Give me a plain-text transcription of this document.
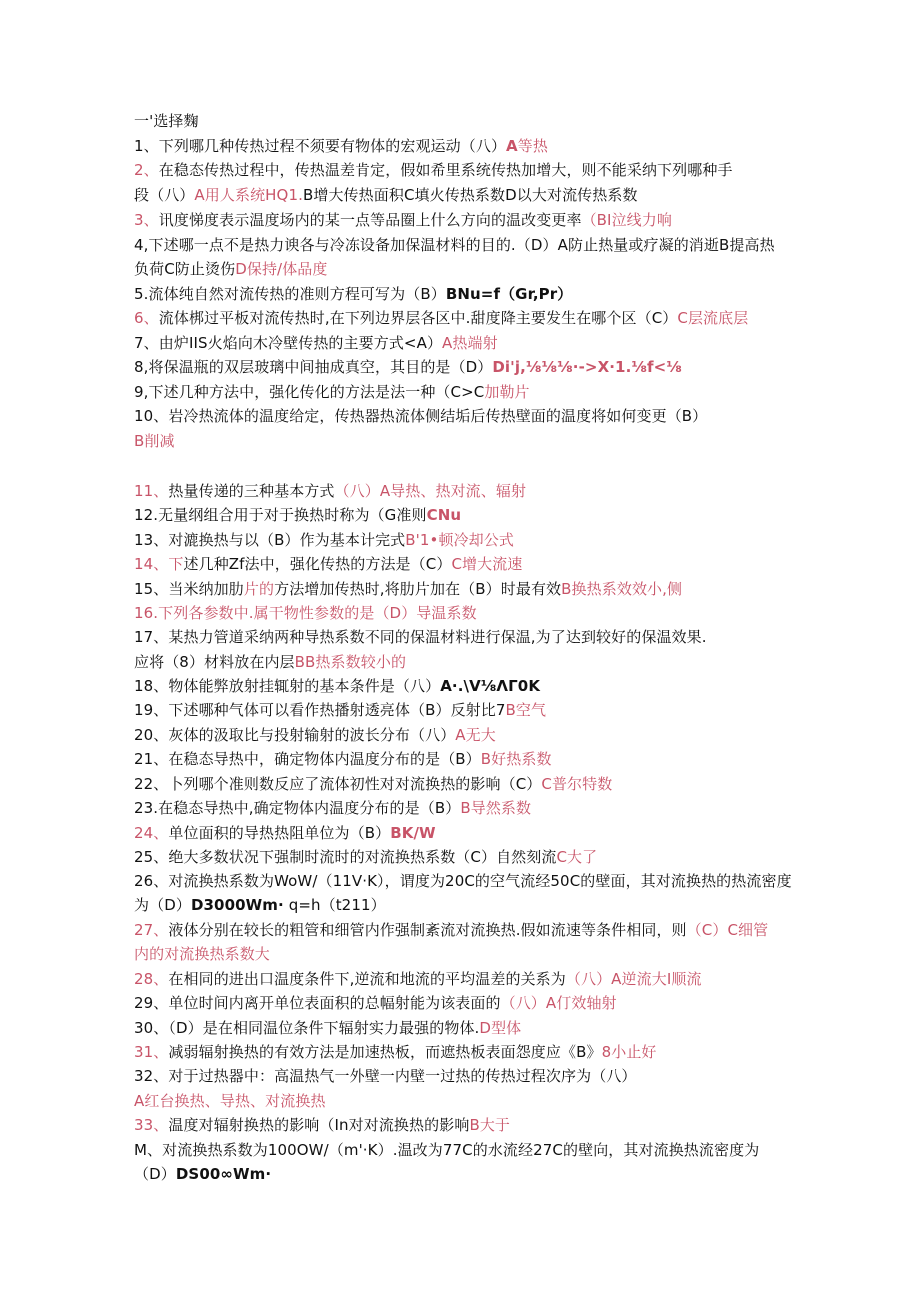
一'选择麴
1、下列哪几种传热过程不须要有物体的宏观运动（八）A等热
2、在稳态传热过程中，传热温差肯定，假如希里系统传热加增大，则不能采纳下列哪种手
段（八）A用人系统HQ1.B增大传热面积C填火传热系数D以大对流传热系数
3、讯度悌度表示温度场内的某一点等品圈上什么方向的温改变更率（BI泣线力响
4,下述哪一点不是热力谀各与冷冻设备加保温材料的目的.（D）A防止热量或疗凝的消逝B提高热
负荷C防止烫伤D保持/体品度
5.流体纯自然对流传热的准则方程可写为（B）BNu=f（Gr,Pr）
6、流体梆过平板对流传热时,在下列边界层各区中.甜度降主要发生在哪个区（C）C层流底层
7、由炉IIS火焰向木冷壁传热的主要方式<A）A热端射
8,将保温瓶的双层玻璃中间抽成真空，其目的是（D）Di'j,⅛⅛⅛·->X·1.⅛f<⅛
9,下述几种方法中，强化传化的方法是法一种（C>C加勒片
10、岩冷热流体的温度给定，传热器热流体侧结垢后传热壁面的温度将如何变更（B）
B削减
11、热量传递的三种基本方式（八）A导热、热对流、辐射
12.无量纲组合用于对于换热时称为（G准则CNu
13、对漉换热与以（B）作为基本计完式B'1•顿冷却公式
14、下述几种Zf法中，强化传热的方法是（C）C增大流速
15、当米纳加肋片的方法增加传热时,将肋片加在（B）时最有效B换热系效效小,侧
16.下列各参数中.属干物性参数的是（D）导温系数
17、某热力管道采纳两种导热系数不同的保温材料进行保温,为了达到较好的保温效果.
应将（8）材料放在内层BB热系数较小的
18、物体能弊放射挂辄射的基本条件是（八）A·.\V⅛ΛΓ0K
19、下述哪种气体可以看作热播射透亮体（B）反射比7B空气
20、灰体的汲取比与投射输射的波长分布（八）A无大
21、在稳态导热中，确定物体内温度分布的是（B）B好热系数
22、卜列哪个准则数反应了流体初性对对流换热的影响（C）C普尔特数
23.在稳态导热中,确定物体内温度分布的是（B）B导然系数
24、单位面积的导热热阻单位为（B）BK/W
25、绝大多数状况下强制时流时的对流换热系数（C）自然刻流C大了
26、对流换热系数为WoW/（11V·K），谓度为20C的空气流经50C的壁面，其对流换热的热流密度
为（D）D3000Wm· q=h（t211）
27、液体分别在较长的粗管和细管内作强制紊流对流换热.假如流速等条件相同，则（C）C细管
内的对流换热系数大
28、在相同的进出口温度条件下,逆流和地流的平均温差的关系为（八）A逆流大I顺流
29、单位时间内离开单位表面积的总幅射能为该表面的（八）A仃效轴射
30、（D）是在相同温位条件下辐射实力最强的物体.D型体
31、减弱辐射换热的有效方法是加速热板，而遮热板表面怨度应《B》8小止好
32、对于过热器中：高温热气一外壁一内壁一过热的传热过程次序为（八）
A红台换热、导热、对流换热
33、温度对辐射换热的影响（In对对流换热的影响B大于
M、对流换热系数为100OW/（m'·K）.温改为77C的水流经27C的壁向，其对流换热流密度为
（D）DS00∞Wm·
